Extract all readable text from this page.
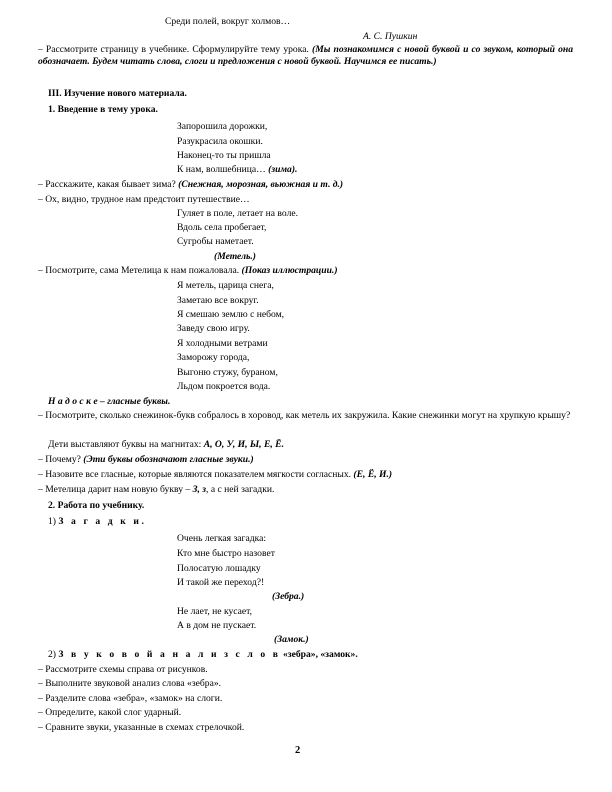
Среди полей, вокруг холмов…
А. С. Пушкин
– Рассмотрите страницу в учебнике. Сформулируйте тему урока. (Мы познакомимся с новой буквой и со звуком, который она обозначает. Будем читать слова, слоги и предложения с новой буквой. Научимся ее писать.)
III. Изучение нового материала.
1. Введение в тему урока.
Запорошила дорожки,
Разукрасила окошки.
Наконец-то ты пришла
К нам, волшебница… (зима).
– Расскажите, какая бывает зима? (Снежная, морозная, вьюжная и т. д.)
– Ох, видно, трудное нам предстоит путешествие…
Гуляет в поле, летает на воле.
Вдоль села пробегает,
Сугробы наметает.
(Метель.)
– Посмотрите, сама Метелица к нам пожаловала. (Показ иллюстрации.)
Я метель, царица снега,
Заметаю все вокруг.
Я смешаю землю с небом,
Заведу свою игру.
Я холодными ветрами
Заморожу города,
Выгоню стужу, бураном,
Льдом покроется вода.
Н а д о с к е – гласные буквы.
– Посмотрите, сколько снежинок-букв собралось в хоровод, как метель их закружила. Какие снежинки могут на хрупкую крышу?
Дети выставляют буквы на магнитах: А, О, У, И, Ы, Е, Ё.
– Почему? (Эти буквы обозначают гласные звуки.)
– Назовите все гласные, которые являются показателем мягкости согласных. (Е, Ё, И.)
– Метелица дарит нам новую букву – З, з, а с ней загадки.
2. Работа по учебнику.
1) З а г а д к и.
Очень легкая загадка:
Кто мне быстро назовет
Полосатую лошадку
И такой же переход?!
(Зебра.)
Не лает, не кусает,
А в дом не пускает.
(Замок.)
2) З в у к о в о й а н а л и з с л о в «зебра», «замок».
– Рассмотрите схемы справа от рисунков.
– Выполните звуковой анализ слова «зебра».
– Разделите слова «зебра», «замок» на слоги.
– Определите, какой слог ударный.
– Сравните звуки, указанные в схемах стрелочкой.
2
